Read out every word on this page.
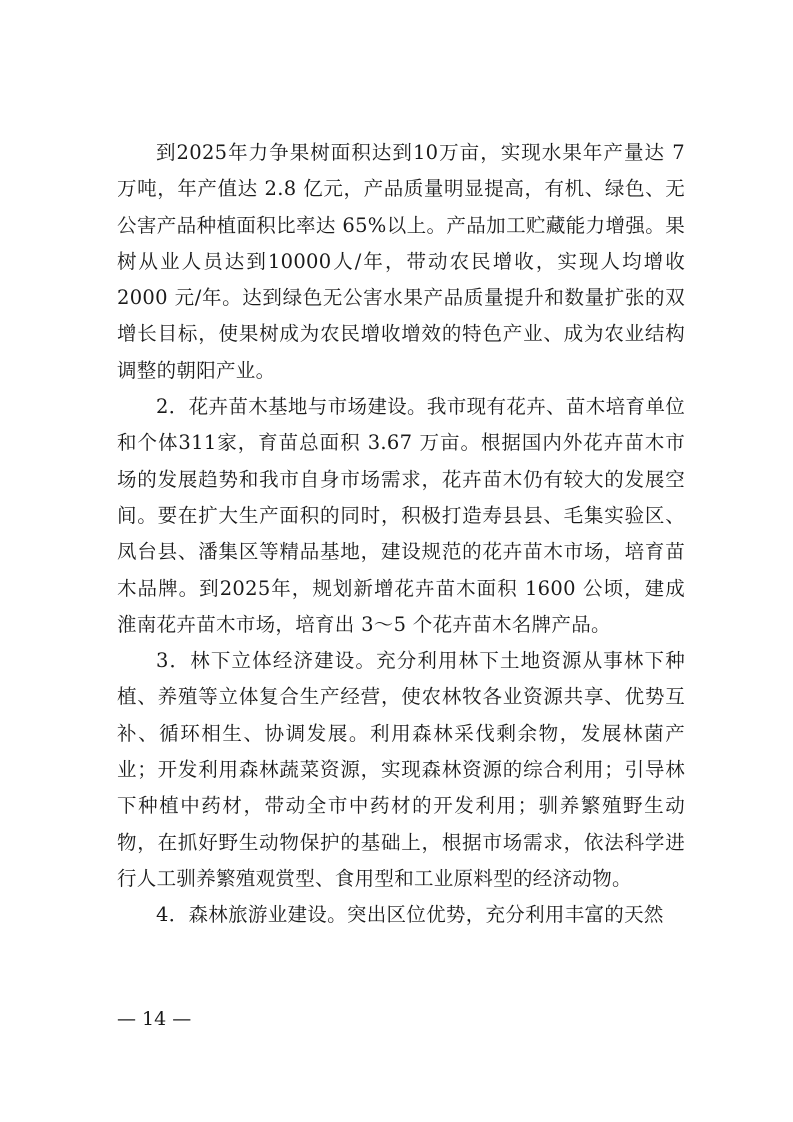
到2025年力争果树面积达到10万亩，实现水果年产量达 7万吨，年产值达 2.8 亿元，产品质量明显提高，有机、绿色、无公害产品种植面积比率达 65%以上。产品加工贮藏能力增强。果树从业人员达到10000人/年，带动农民增收，实现人均增收 2000 元/年。达到绿色无公害水果产品质量提升和数量扩张的双增长目标，使果树成为农民增收增效的特色产业、成为农业结构调整的朝阳产业。

2．花卉苗木基地与市场建设。我市现有花卉、苗木培育单位和个体311家，育苗总面积 3.67 万亩。根据国内外花卉苗木市场的发展趋势和我市自身市场需求，花卉苗木仍有较大的发展空间。要在扩大生产面积的同时，积极打造寿县县、毛集实验区、凤台县、潘集区等精品基地，建设规范的花卉苗木市场，培育苗木品牌。到2025年，规划新增花卉苗木面积 1600 公顷，建成淮南花卉苗木市场，培育出 3～5 个花卉苗木名牌产品。

3．林下立体经济建设。充分利用林下土地资源从事林下种植、养殖等立体复合生产经营，使农林牧各业资源共享、优势互补、循环相生、协调发展。利用森林采伐剩余物，发展林菌产业；开发利用森林蔬菜资源，实现森林资源的综合利用；引导林下种植中药材，带动全市中药材的开发利用；驯养繁殖野生动物，在抓好野生动物保护的基础上，根据市场需求，依法科学进行人工驯养繁殖观赏型、食用型和工业原料型的经济动物。

4．森林旅游业建设。突出区位优势，充分利用丰富的天然

— 14 —
